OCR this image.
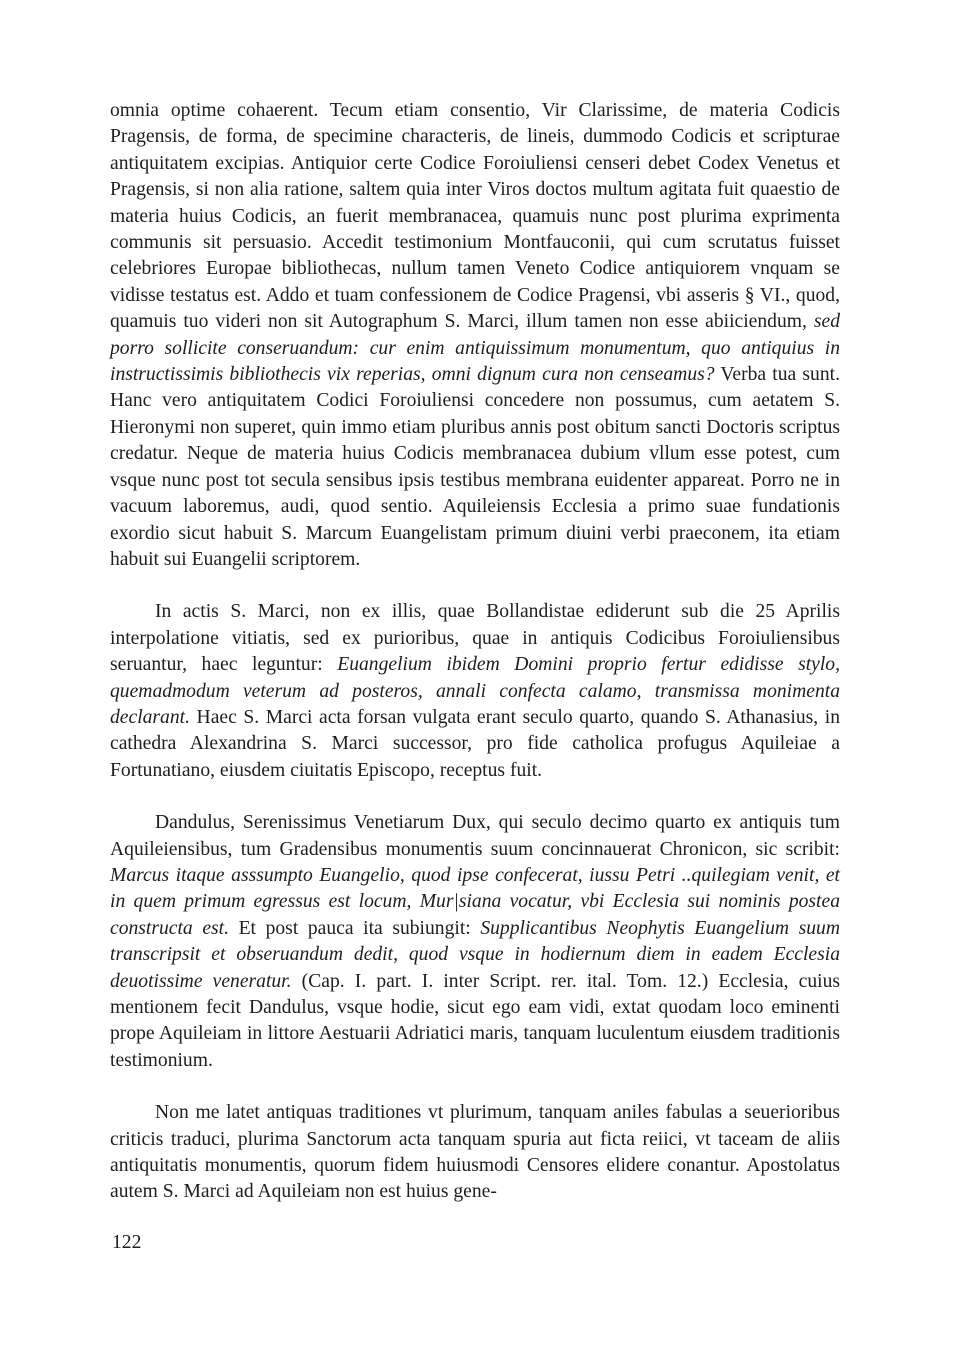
omnia optime cohaerent. Tecum etiam consentio, Vir Clarissime, de materia Codicis Pragensis, de forma, de specimine characteris, de lineis, dummodo Codicis et scripturae antiquitatem excipias. Antiquior certe Codice Foroiuliensi censeri debet Codex Venetus et Pragensis, si non alia ratione, saltem quia inter Viros doctos multum agitata fuit quaestio de materia huius Codicis, an fuerit membranacea, quamuis nunc post plurima exprimenta communis sit persuasio. Accedit testimonium Montfauconii, qui cum scrutatus fuisset celebriores Europae bibliothecas, nullum tamen Veneto Codice antiquiorem vnquam se vidisse testatus est. Addo et tuam confessionem de Codice Pragensi, vbi asseris § VI., quod, quamuis tuo videri non sit Autographum S. Marci, illum tamen non esse abiiciendum, sed porro sollicite conseruandum: cur enim antiquissimum monumentum, quo antiquius in instructissimis bibliothecis vix reperias, omni dignum cura non censeamus? Verba tua sunt. Hanc vero antiquitatem Codici Foroiuliensi concedere non possumus, cum aetatem S. Hieronymi non superet, quin immo etiam pluribus annis post obitum sancti Doctoris scriptus credatur. Neque de materia huius Codicis membranacea dubium vllum esse potest, cum vsque nunc post tot secula sensibus ipsis testibus membrana euidenter appareat. Porro ne in vacuum laboremus, audi, quod sentio. Aquileiensis Ecclesia a primo suae fundationis exordio sicut habuit S. Marcum Euangelistam primum diuini verbi praeconem, ita etiam habuit sui Euangelii scriptorem.

In actis S. Marci, non ex illis, quae Bollandistae ediderunt sub die 25 Aprilis interpolatione vitiatis, sed ex purioribus, quae in antiquis Codicibus Foroiuliensibus seruantur, haec leguntur: Euangelium ibidem Domini proprio fertur edidisse stylo, quemadmodum veterum ad posteros, annali confecta calamo, transmissa monimenta declarant. Haec S. Marci acta forsan vulgata erant seculo quarto, quando S. Athanasius, in cathedra Alexandrina S. Marci successor, pro fide catholica profugus Aquileiae a Fortunatiano, eiusdem ciuitatis Episcopo, receptus fuit.

Dandulus, Serenissimus Venetiarum Dux, qui seculo decimo quarto ex antiquis tum Aquileiensibus, tum Gradensibus monumentis suum concinnauerat Chronicon, sic scribit: Marcus itaque asssumpto Euangelio, quod ipse confecerat, iussu Petri ..quilegiam venit, et in quem primum egressus est locum, Mur|siana vocatur, vbi Ecclesia sui nominis postea constructa est. Et post pauca ita subiungit: Supplicantibus Neophytis Euangelium suum transcripsit et obseruandum dedit, quod vsque in hodiernum diem in eadem Ecclesia deuotissime veneratur. (Cap. I. part. I. inter Script. rer. ital. Tom. 12.) Ecclesia, cuius mentionem fecit Dandulus, vsque hodie, sicut ego eam vidi, extat quodam loco eminenti prope Aquileiam in littore Aestuarii Adriatici maris, tanquam luculentum eiusdem traditionis testimonium.

Non me latet antiquas traditiones vt plurimum, tanquam aniles fabulas a seuerioribus criticis traduci, plurima Sanctorum acta tanquam spuria aut ficta reiici, vt taceam de aliis antiquitatis monumentis, quorum fidem huiusmodi Censores elidere conantur. Apostolatus autem S. Marci ad Aquileiam non est huius gene-

122
